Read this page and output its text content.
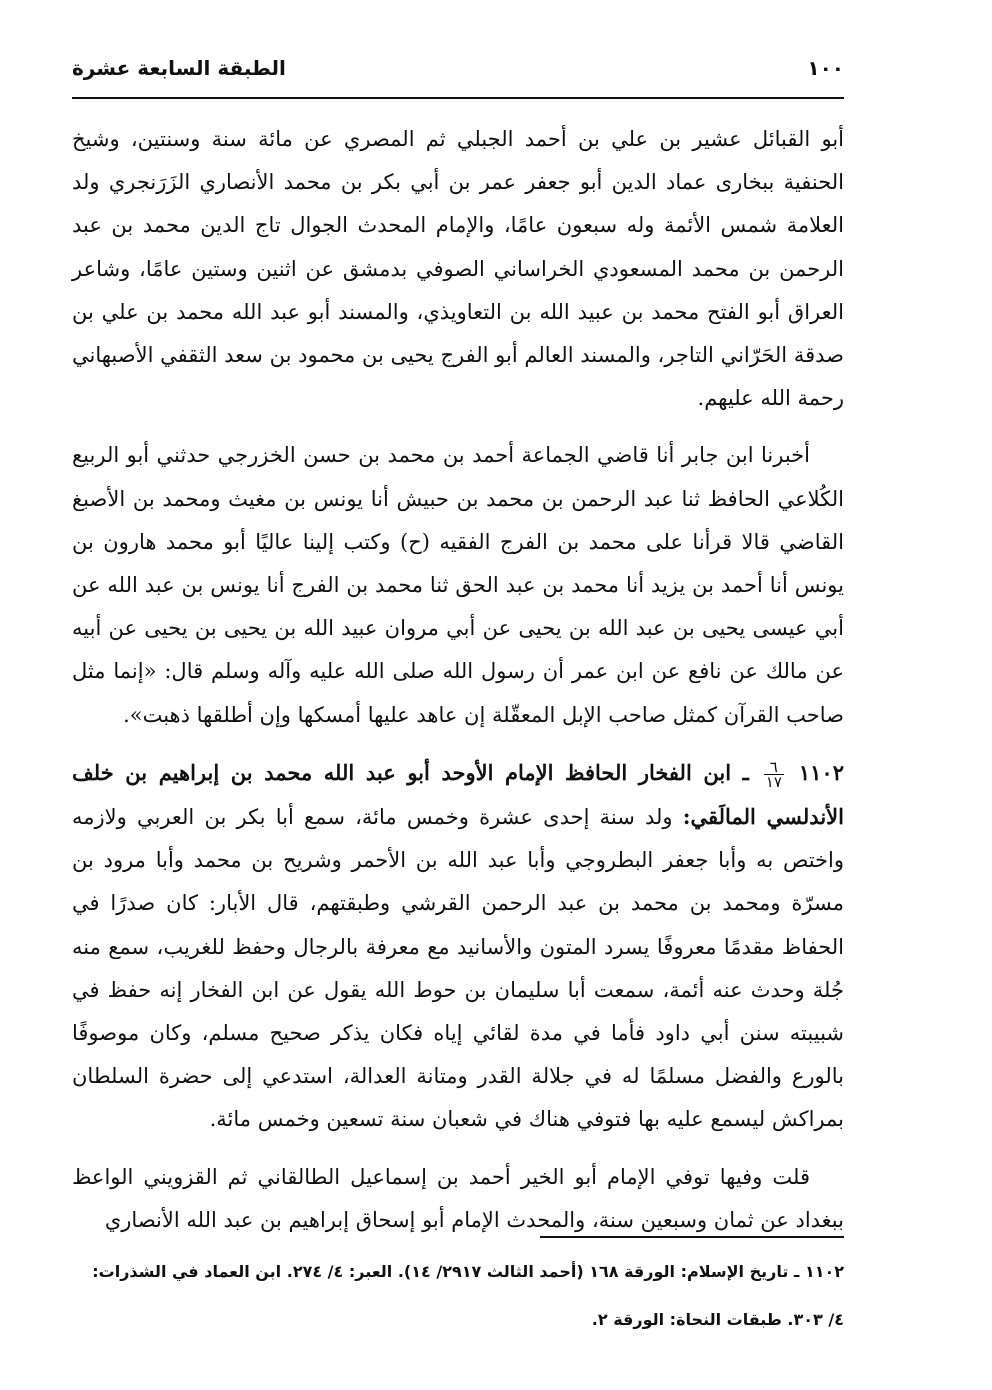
١٠٠
الطبقة السابعة عشرة

أبو القبائل عشير بن علي بن أحمد الجبلي ثم المصري عن مائة سنة وسنتين، وشيخ الحنفية ببخارى عماد الدين أبو جعفر عمر بن أبي بكر بن محمد الأنصاري الزَرَنجري ولد العلامة شمس الأئمة وله سبعون عامًا، والإمام المحدث الجوال تاج الدين محمد بن عبد الرحمن بن محمد المسعودي الخراساني الصوفي بدمشق عن اثنين وستين عامًا، وشاعر العراق أبو الفتح محمد بن عبيد الله بن التعاويذي، والمسند أبو عبد الله محمد بن علي بن صدقة الحَرّاني التاجر، والمسند العالم أبو الفرج يحيى بن محمود بن سعد الثقفي الأصبهاني رحمة الله عليهم.

أخبرنا ابن جابر أنا قاضي الجماعة أحمد بن محمد بن حسن الخزرجي حدثني أبو الربيع الكُلاعي الحافظ ثنا عبد الرحمن بن محمد بن حبيش أنا يونس بن مغيث ومحمد بن الأصبغ القاضي قالا قرأنا على محمد بن الفرج الفقيه (ح) وكتب إلينا عاليًا أبو محمد هارون بن يونس أنا أحمد بن يزيد أنا محمد بن عبد الحق ثنا محمد بن الفرج أنا يونس بن عبد الله عن أبي عيسى يحيى بن عبد الله بن يحيى عن أبي مروان عبيد الله بن يحيى بن يحيى عن أبيه عن مالك عن نافع عن ابن عمر أن رسول الله صلى الله عليه وآله وسلم قال: «إنما مثل صاحب القرآن كمثل صاحب الإبل المعقّلة إن عاهد عليها أمسكها وإن أطلقها ذهبت».

١١٠٢
$\frac{٦}{١٧}$
ـ ابن الفخار الحافظ الإمام الأوحد أبو عبد الله محمد بن إبراهيم بن خلف الأندلسي المالَقي: ولد سنة إحدى عشرة وخمس مائة، سمع أبا بكر بن العربي ولازمه واختص به وأبا جعفر البطروجي وأبا عبد الله بن الأحمر وشريح بن محمد وأبا مرود بن مسرّة ومحمد بن محمد بن عبد الرحمن القرشي وطبقتهم، قال الأبار: كان صدرًا في الحفاظ مقدمًا معروفًا يسرد المتون والأسانيد مع معرفة بالرجال وحفظ للغريب، سمع منه جُلة وحدث عنه أئمة، سمعت أبا سليمان بن حوط الله يقول عن ابن الفخار إنه حفظ في شبيبته سنن أبي داود فأما في مدة لقائي إياه فكان يذكر صحيح مسلم، وكان موصوفًا بالورع والفضل مسلمًا له في جلالة القدر ومتانة العدالة، استدعي إلى حضرة السلطان بمراكش ليسمع عليه بها فتوفي هناك في شعبان سنة تسعين وخمس مائة.

قلت وفيها توفي الإمام أبو الخير أحمد بن إسماعيل الطالقاني ثم القزويني الواعظ ببغداد عن ثمان وسبعين سنة، والمحدث الإمام أبو إسحاق إبراهيم بن عبد الله الأنصاري

١١٠٢ ـ تاريخ الإسلام: الورقة ١٦٨ (أحمد الثالث ٢٩١٧/ ١٤). العبر: ٤/ ٢٧٤. ابن العماد في الشذرات:

٤/ ٣٠٣. طبقات النحاة: الورقة ٢.
